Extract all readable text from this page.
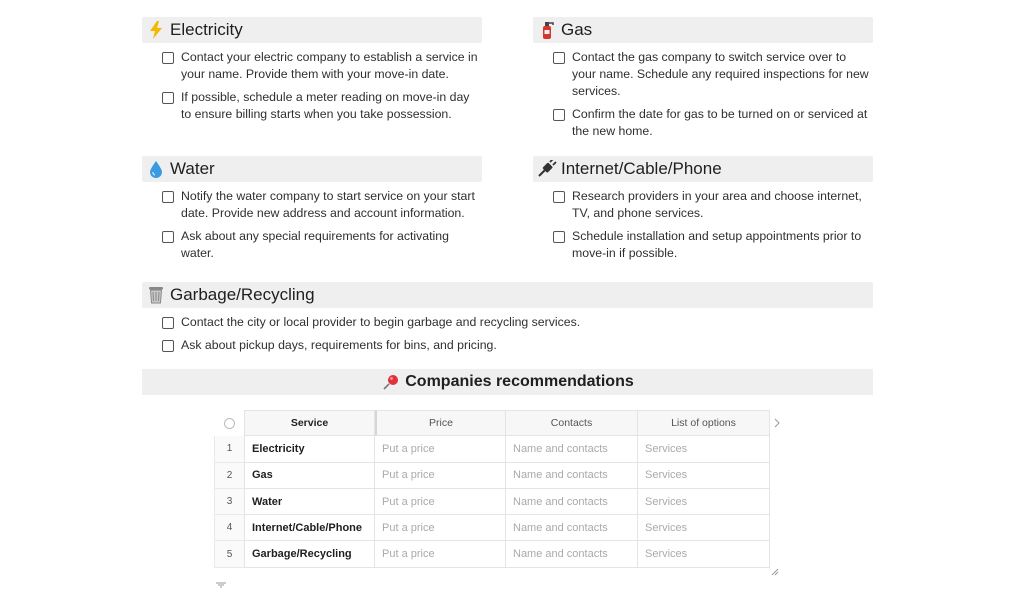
Electricity
Contact your electric company to establish a service in your name. Provide them with your move-in date.
If possible, schedule a meter reading on move-in day to ensure billing starts when you take possession.
Gas
Contact the gas company to switch service over to your name. Schedule any required inspections for new services.
Confirm the date for gas to be turned on or serviced at the new home.
Water
Notify the water company to start service on your start date. Provide new address and account information.
Ask about any special requirements for activating water.
Internet/Cable/Phone
Research providers in your area and choose internet, TV, and phone services.
Schedule installation and setup appointments prior to move-in if possible.
Garbage/Recycling
Contact the city or local provider to begin garbage and recycling services.
Ask about pickup days, requirements for bins, and pricing.
Companies recommendations
Service	Price	Contacts	List of options
1	Electricity	Put a price	Name and contacts	Services
2	Gas	Put a price	Name and contacts	Services
3	Water	Put a price	Name and contacts	Services
4	Internet/Cable/Phone	Put a price	Name and contacts	Services
5	Garbage/Recycling	Put a price	Name and contacts	Services
